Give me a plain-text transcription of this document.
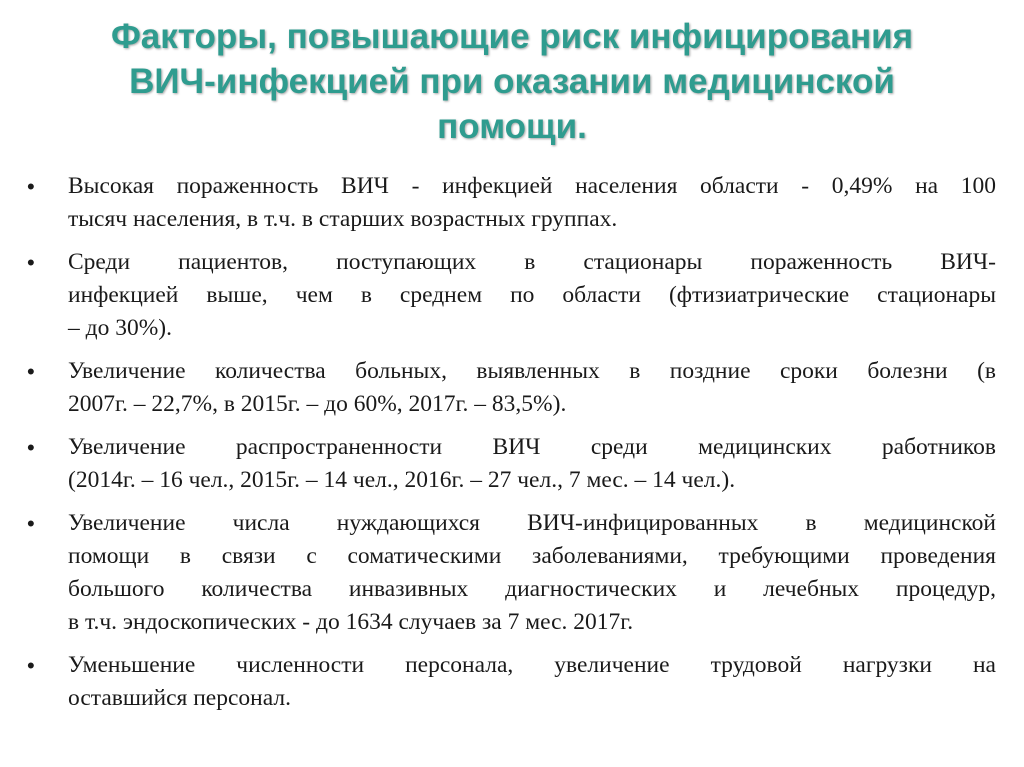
Факторы, повышающие риск инфицирования
ВИЧ-инфекцией при оказании медицинской
помощи.
• Высокая пораженность ВИЧ - инфекцией населения области - 0,49% на 100
тысяч населения, в т.ч. в старших возрастных группах.
• Среди пациентов, поступающих в стационары пораженность ВИЧ-
инфекцией выше, чем в среднем по области (фтизиатрические стационары
– до 30%).
• Увеличение количества больных, выявленных в поздние сроки болезни (в
2007г. – 22,7%, в 2015г. – до 60%, 2017г. – 83,5%).
• Увеличение распространенности ВИЧ среди медицинских работников
(2014г. – 16 чел., 2015г. – 14 чел., 2016г. – 27 чел., 7 мес. – 14 чел.).
• Увеличение числа нуждающихся ВИЧ-инфицированных в медицинской
помощи в связи с соматическими заболеваниями, требующими проведения
большого количества инвазивных диагностических и лечебных процедур,
в т.ч. эндоскопических - до 1634 случаев за 7 мес. 2017г.
• Уменьшение численности персонала, увеличение трудовой нагрузки на
оставшийся персонал.
